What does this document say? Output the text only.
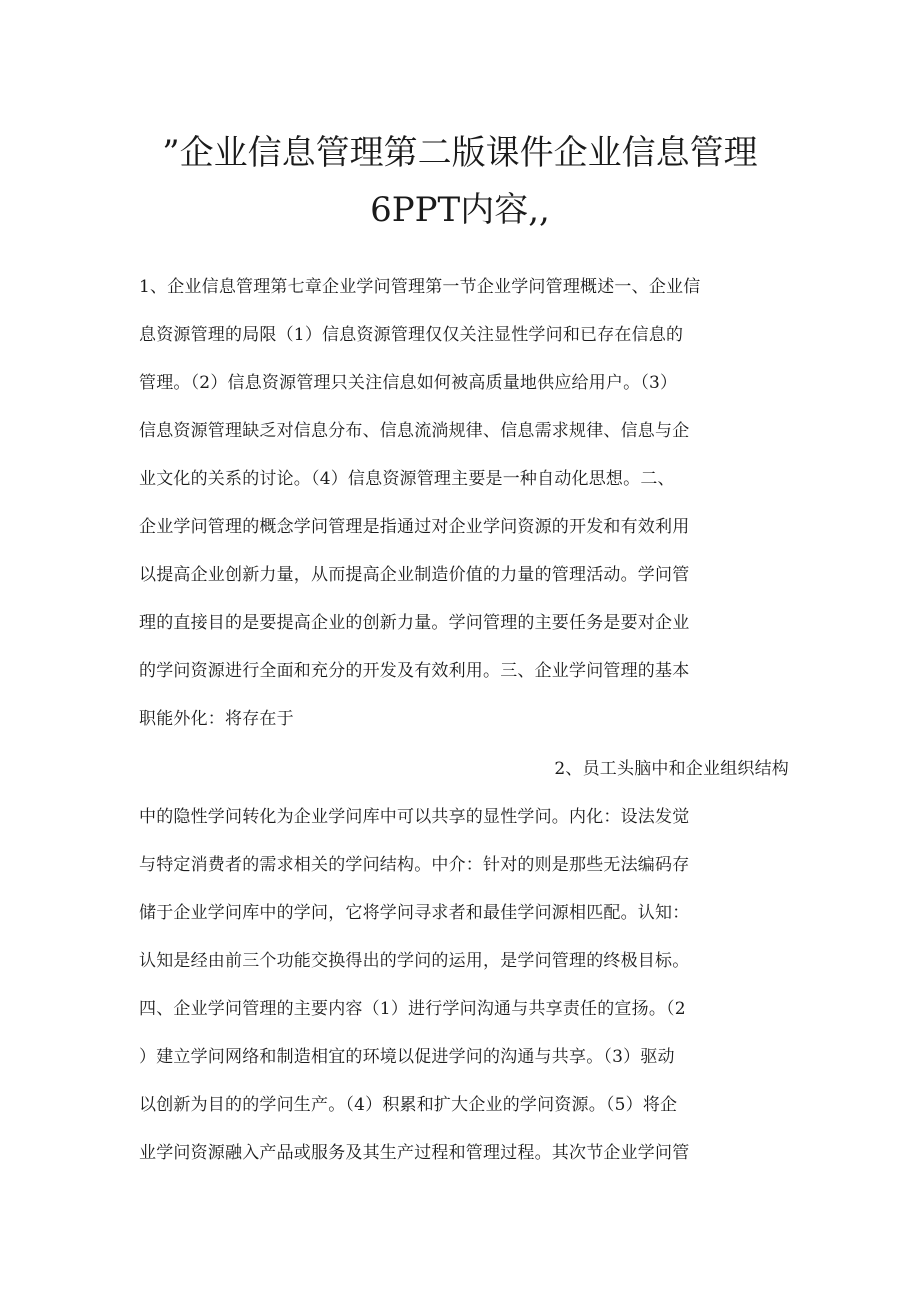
”企业信息管理第二版课件企业信息管理
6PPT内容,,

1、企业信息管理第七章企业学问管理第一节企业学问管理概述一、企业信

息资源管理的局限（1）信息资源管理仅仅关注显性学问和已存在信息的

管理。（2）信息资源管理只关注信息如何被高质量地供应给用户。（3）

信息资源管理缺乏对信息分布、信息流淌规律、信息需求规律、信息与企

业文化的关系的讨论。（4）信息资源管理主要是一种自动化思想。二、

企业学问管理的概念学问管理是指通过对企业学问资源的开发和有效利用

以提高企业创新力量，从而提高企业制造价值的力量的管理活动。学问管

理的直接目的是要提高企业的创新力量。学问管理的主要任务是要对企业

的学问资源进行全面和充分的开发及有效利用。三、企业学问管理的基本

职能外化：将存在于

2、员工头脑中和企业组织结构

中的隐性学问转化为企业学问库中可以共享的显性学问。内化：设法发觉

与特定消费者的需求相关的学问结构。中介：针对的则是那些无法编码存

储于企业学问库中的学问，它将学问寻求者和最佳学问源相匹配。认知：

认知是经由前三个功能交换得出的学问的运用，是学问管理的终极目标。

四、企业学问管理的主要内容（1）进行学问沟通与共享责任的宣扬。（2

）建立学问网络和制造相宜的环境以促进学问的沟通与共享。（3）驱动

以创新为目的的学问生产。（4）积累和扩大企业的学问资源。（5）将企

业学问资源融入产品或服务及其生产过程和管理过程。其次节企业学问管
